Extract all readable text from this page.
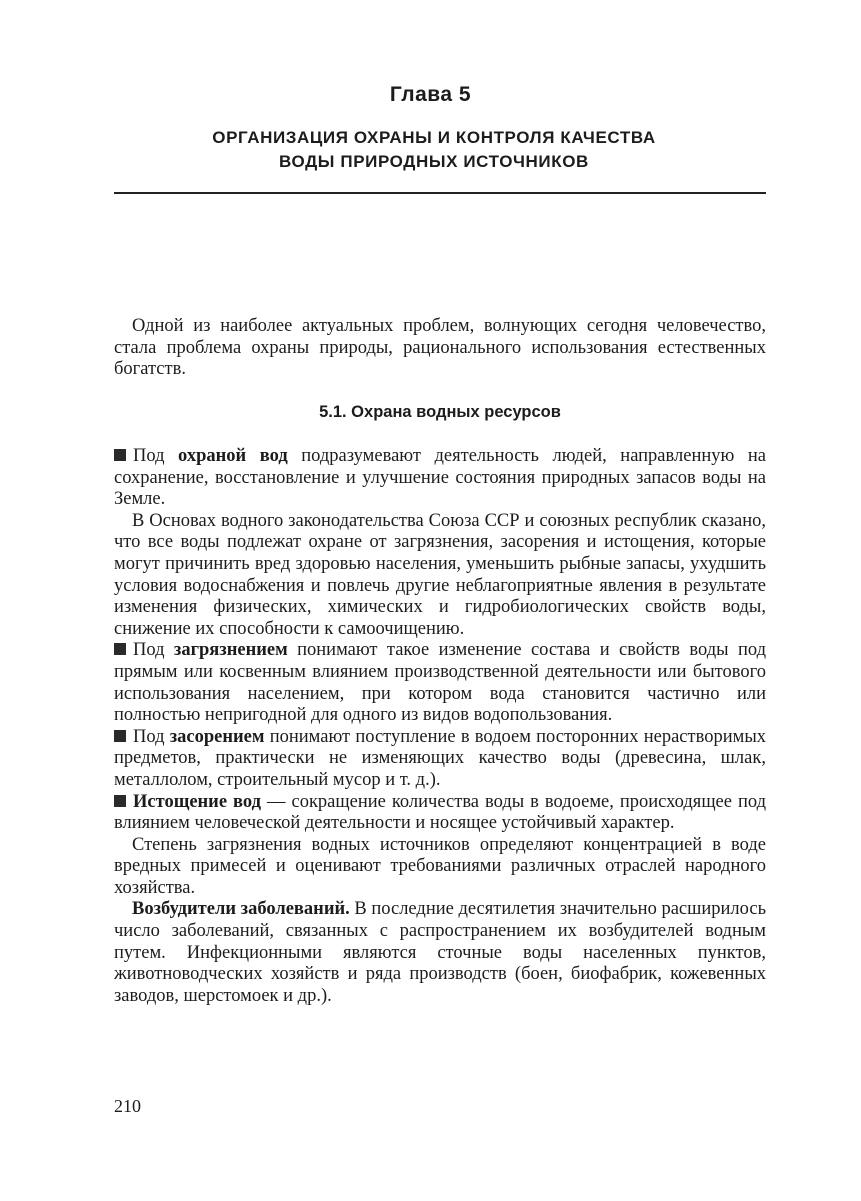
Глава 5
ОРГАНИЗАЦИЯ ОХРАНЫ И КОНТРОЛЯ КАЧЕСТВА
ВОДЫ ПРИРОДНЫХ ИСТОЧНИКОВ

Одной из наиболее актуальных проблем, волнующих сегодня человечество, стала проблема охраны природы, рационального использования естественных богатств.

5.1. Охрана водных ресурсов

Под охраной вод подразумевают деятельность людей, направленную на сохранение, восстановление и улучшение состояния природных запасов воды на Земле.

В Основах водного законодательства Союза ССР и союзных республик сказано, что все воды подлежат охране от загрязнения, засорения и истощения, которые могут причинить вред здоровью населения, уменьшить рыбные запасы, ухудшить условия водоснабжения и повлечь другие неблагоприятные явления в результате изменения физических, химических и гидробиологических свойств воды, снижение их способности к самоочищению.

Под загрязнением понимают такое изменение состава и свойств воды под прямым или косвенным влиянием производственной деятельности или бытового использования населением, при котором вода становится частично или полностью непригодной для одного из видов водопользования.

Под засорением понимают поступление в водоем посторонних нерастворимых предметов, практически не изменяющих качество воды (древесина, шлак, металлолом, строительный мусор и т. д.).

Истощение вод — сокращение количества воды в водоеме, происходящее под влиянием человеческой деятельности и носящее устойчивый характер.

Степень загрязнения водных источников определяют концентрацией в воде вредных примесей и оценивают требованиями различных отраслей народного хозяйства.

Возбудители заболеваний. В последние десятилетия значительно расширилось число заболеваний, связанных с распространением их возбудителей водным путем. Инфекционными являются сточные воды населенных пунктов, животноводческих хозяйств и ряда производств (боен, биофабрик, кожевенных заводов, шерстомоек и др.).

210
